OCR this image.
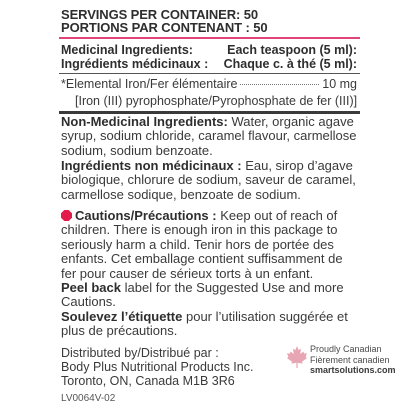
SERVINGS PER CONTAINER: 50
PORTIONS PAR CONTENANT : 50
Medicinal Ingredients:	Each teaspoon (5 ml):
Ingrédients médicinaux : Chaque c. à thé (5 ml):
*Elemental Iron/Fer élémentaire	10 mg
[Iron (III) pyrophosphate/Pyrophosphate de fer (III)]
Non-Medicinal Ingredients: Water, organic agave syrup, sodium chloride, caramel flavour, carmellose sodium, sodium benzoate.
Ingrédients non médicinaux : Eau, sirop d’agave biologique, chlorure de sodium, saveur de caramel, carmellose sodique, benzoate de sodium.
Cautions/Précautions : Keep out of reach of children. There is enough iron in this package to seriously harm a child. Tenir hors de portée des enfants. Cet emballage contient suffisamment de fer pour causer de sérieux torts à un enfant.
Peel back label for the Suggested Use and more Cautions.
Soulevez l’étiquette pour l’utilisation suggérée et plus de précautions.
Distributed by/Distribué par :
Body Plus Nutritional Products Inc.
Toronto, ON, Canada M1B 3R6
Proudly Canadian
Fièrement canadien
smartsolutions.com
LV0064V-02
